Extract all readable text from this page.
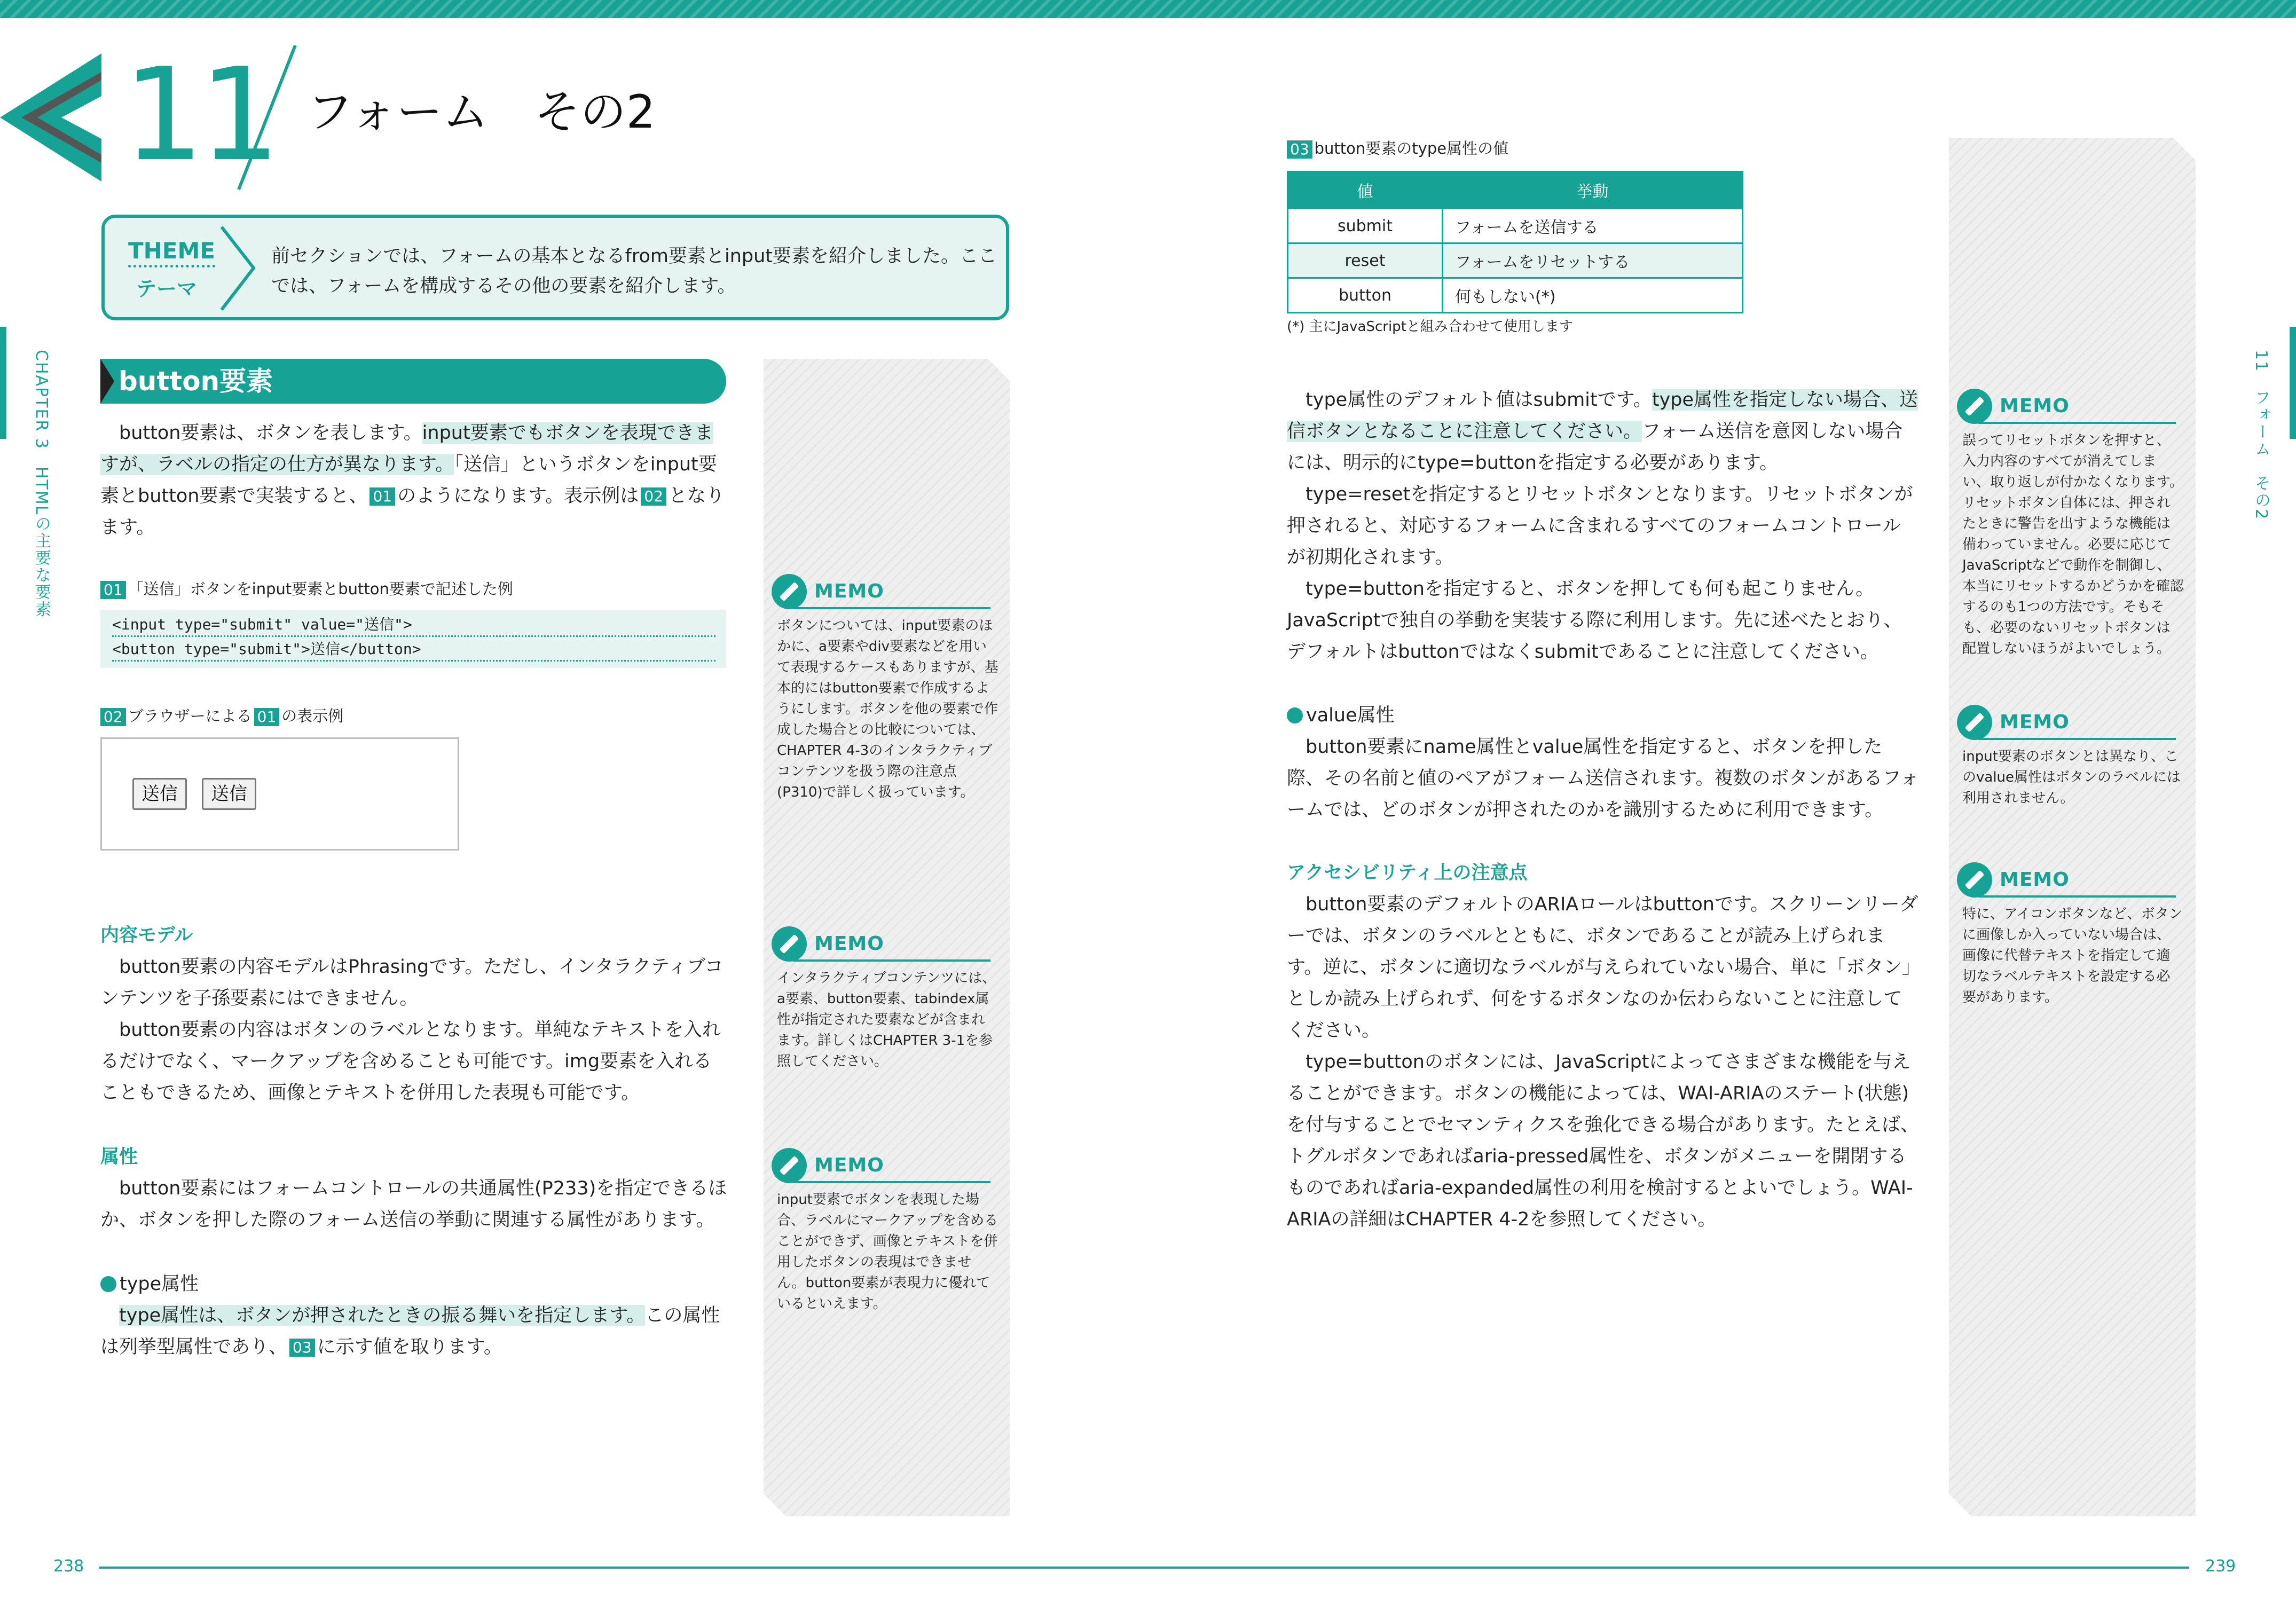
11 フォーム　その2
THEME
テーマ
前セクションでは、フォームの基本となるfrom要素とinput要素を紹介しました。ここでは、フォームを構成するその他の要素を紹介します。
CHAPTER 3　HTMLの主要な要素	11　フォーム　その2
button要素

　button要素は、ボタンを表します。input要素でもボタンを表現できますが、ラベルの指定の仕方が異なります。「送信」というボタンをinput要素とbutton要素で実装すると、 01 のようになります。表示例は 02 となります。

01 「送信」ボタンをinput要素とbutton要素で記述した例
<input type="submit" value="送信">
<button type="submit">送信</button>
02 ブラウザーによる 01 の表示例
送信	送信
内容モデル

　button要素の内容モデルはPhrasingです。ただし、インタラクティブコンテンツを子孫要素にはできません。

　button要素の内容はボタンのラベルとなります。単純なテキストを入れるだけでなく、マークアップを含めることも可能です。img要素を入れることもできるため、画像とテキストを併用した表現も可能です。

属性

　button要素にはフォームコントロールの共通属性(P233)を指定できるほか、ボタンを押した際のフォーム送信の挙動に関連する属性があります。

type属性

　type属性は、ボタンが押されたときの振る舞いを指定します。この属性は列挙型属性であり、 03 に示す値を取ります。

MEMO
ボタンについては、input要素のほかに、a要素やdiv要素などを用いて表現するケースもありますが、基本的にはbutton要素で作成するようにします。ボタンを他の要素で作成した場合との比較については、CHAPTER 4-3のインタラクティブコンテンツを扱う際の注意点(P310)で詳しく扱っています。
MEMO
インタラクティブコンテンツには、a要素、button要素、tabindex属性が指定された要素などが含まれます。詳しくはCHAPTER 3-1を参照してください。
MEMO
input要素でボタンを表現した場合、ラベルにマークアップを含めることができず、画像とテキストを併用したボタンの表現はできません。button要素が表現力に優れているといえます。
03 button要素のtype属性の値
値	挙動
submit	フォームを送信する
reset	フォームをリセットする
button	何もしない(*)
(*) 主にJavaScriptと組み合わせて使用します

　type属性のデフォルト値はsubmitです。type属性を指定しない場合、送信ボタンとなることに注意してください。フォーム送信を意図しない場合には、明示的にtype=buttonを指定する必要があります。

　type=resetを指定するとリセットボタンとなります。リセットボタンが押されると、対応するフォームに含まれるすべてのフォームコントロールが初期化されます。

　type=buttonを指定すると、ボタンを押しても何も起こりません。JavaScriptで独自の挙動を実装する際に利用します。先に述べたとおり、デフォルトはbuttonではなくsubmitであることに注意してください。

value属性

　button要素にname属性とvalue属性を指定すると、ボタンを押した際、その名前と値のペアがフォーム送信されます。複数のボタンがあるフォームでは、どのボタンが押されたのかを識別するために利用できます。

アクセシビリティ上の注意点

　button要素のデフォルトのARIAロールはbuttonです。スクリーンリーダーでは、ボタンのラベルとともに、ボタンであることが読み上げられます。逆に、ボタンに適切なラベルが与えられていない場合、単に「ボタン」としか読み上げられず、何をするボタンなのか伝わらないことに注意してください。

　type=buttonのボタンには、JavaScriptによってさまざまな機能を与えることができます。ボタンの機能によっては、WAI-ARIAのステート(状態)を付与することでセマンティクスを強化できる場合があります。たとえば、トグルボタンであればaria-pressed属性を、ボタンがメニューを開閉するものであればaria-expanded属性の利用を検討するとよいでしょう。WAI-ARIAの詳細はCHAPTER 4-2を参照してください。

MEMO
誤ってリセットボタンを押すと、入力内容のすべてが消えてしまい、取り返しが付かなくなります。リセットボタン自体には、押されたときに警告を出すような機能は備わっていません。必要に応じてJavaScriptなどで動作を制御し、本当にリセットするかどうかを確認するのも1つの方法です。そもそも、必要のないリセットボタンは配置しないほうがよいでしょう。
MEMO
input要素のボタンとは異なり、このvalue属性はボタンのラベルには利用されません。
MEMO
特に、アイコンボタンなど、ボタンに画像しか入っていない場合は、画像に代替テキストを指定して適切なラベルテキストを設定する必要があります。
238	239
